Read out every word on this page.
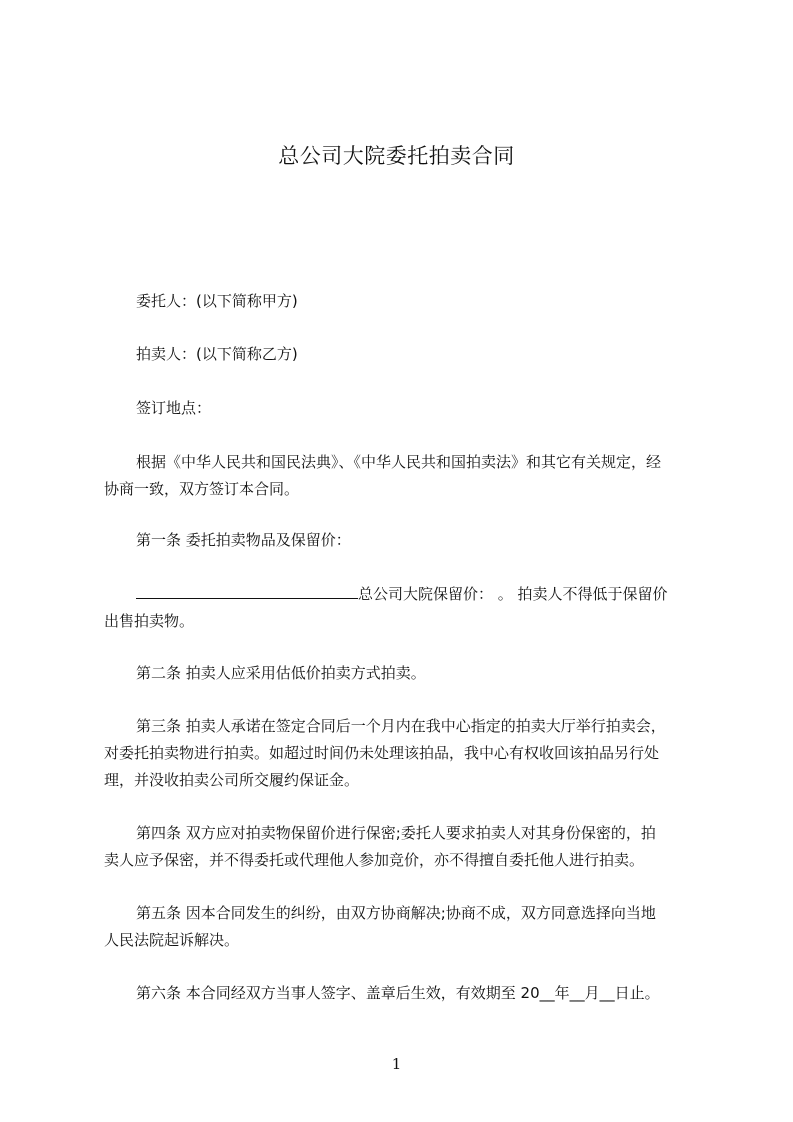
总公司大院委托拍卖合同
委托人：(以下简称甲方)
拍卖人：(以下简称乙方)
签订地点：
根据《中华人民共和国民法典》、《中华人民共和国拍卖法》和其它有关规定，经
协商一致，双方签订本合同。
第一条 委托拍卖物品及保留价：
总公司大院保留价： 。 拍卖人不得低于保留价
出售拍卖物。
第二条 拍卖人应采用估低价拍卖方式拍卖。
第三条 拍卖人承诺在签定合同后一个月内在我中心指定的拍卖大厅举行拍卖会，
对委托拍卖物进行拍卖。如超过时间仍未处理该拍品，我中心有权收回该拍品另行处
理，并没收拍卖公司所交履约保证金。
第四条 双方应对拍卖物保留价进行保密;委托人要求拍卖人对其身份保密的，拍
卖人应予保密，并不得委托或代理他人参加竞价，亦不得擅自委托他人进行拍卖。
第五条 因本合同发生的纠纷，由双方协商解决;协商不成，双方同意选择向当地
人民法院起诉解决。
第六条 本合同经双方当事人签字、盖章后生效，有效期至 20__年__月__日止。
1
